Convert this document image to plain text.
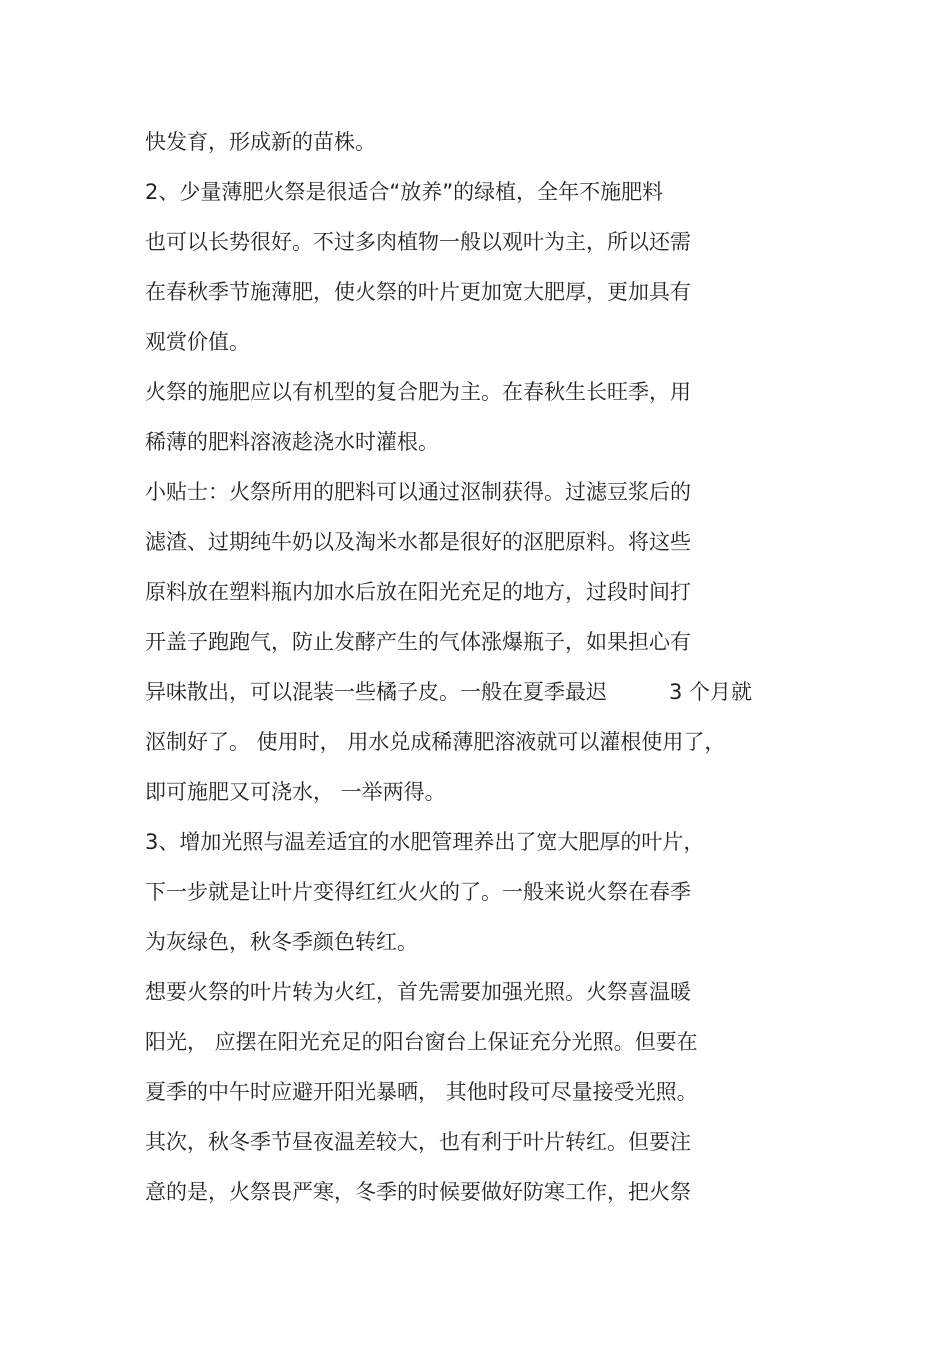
快发育，形成新的苗株。
2、少量薄肥火祭是很适合“放养”的绿植，全年不施肥料
也可以长势很好。不过多肉植物一般以观叶为主，所以还需
在春秋季节施薄肥，使火祭的叶片更加宽大肥厚，更加具有
观赏价值。
火祭的施肥应以有机型的复合肥为主。在春秋生长旺季，用
稀薄的肥料溶液趁浇水时灌根。
小贴士：火祭所用的肥料可以通过沤制获得。过滤豆浆后的
滤渣、过期纯牛奶以及淘米水都是很好的沤肥原料。将这些
原料放在塑料瓶内加水后放在阳光充足的地方，过段时间打
开盖子跑跑气，防止发酵产生的气体涨爆瓶子，如果担心有
异味散出，可以混装一些橘子皮。一般在夏季最迟	3 个月就
沤制好了。 使用时， 用水兑成稀薄肥溶液就可以灌根使用了，
即可施肥又可浇水， 一举两得。
3、增加光照与温差适宜的水肥管理养出了宽大肥厚的叶片，
下一步就是让叶片变得红红火火的了。一般来说火祭在春季
为灰绿色，秋冬季颜色转红。
想要火祭的叶片转为火红，首先需要加强光照。火祭喜温暖
阳光， 应摆在阳光充足的阳台窗台上保证充分光照。但要在
夏季的中午时应避开阳光暴晒， 其他时段可尽量接受光照。
其次，秋冬季节昼夜温差较大，也有利于叶片转红。但要注
意的是，火祭畏严寒，冬季的时候要做好防寒工作，把火祭
